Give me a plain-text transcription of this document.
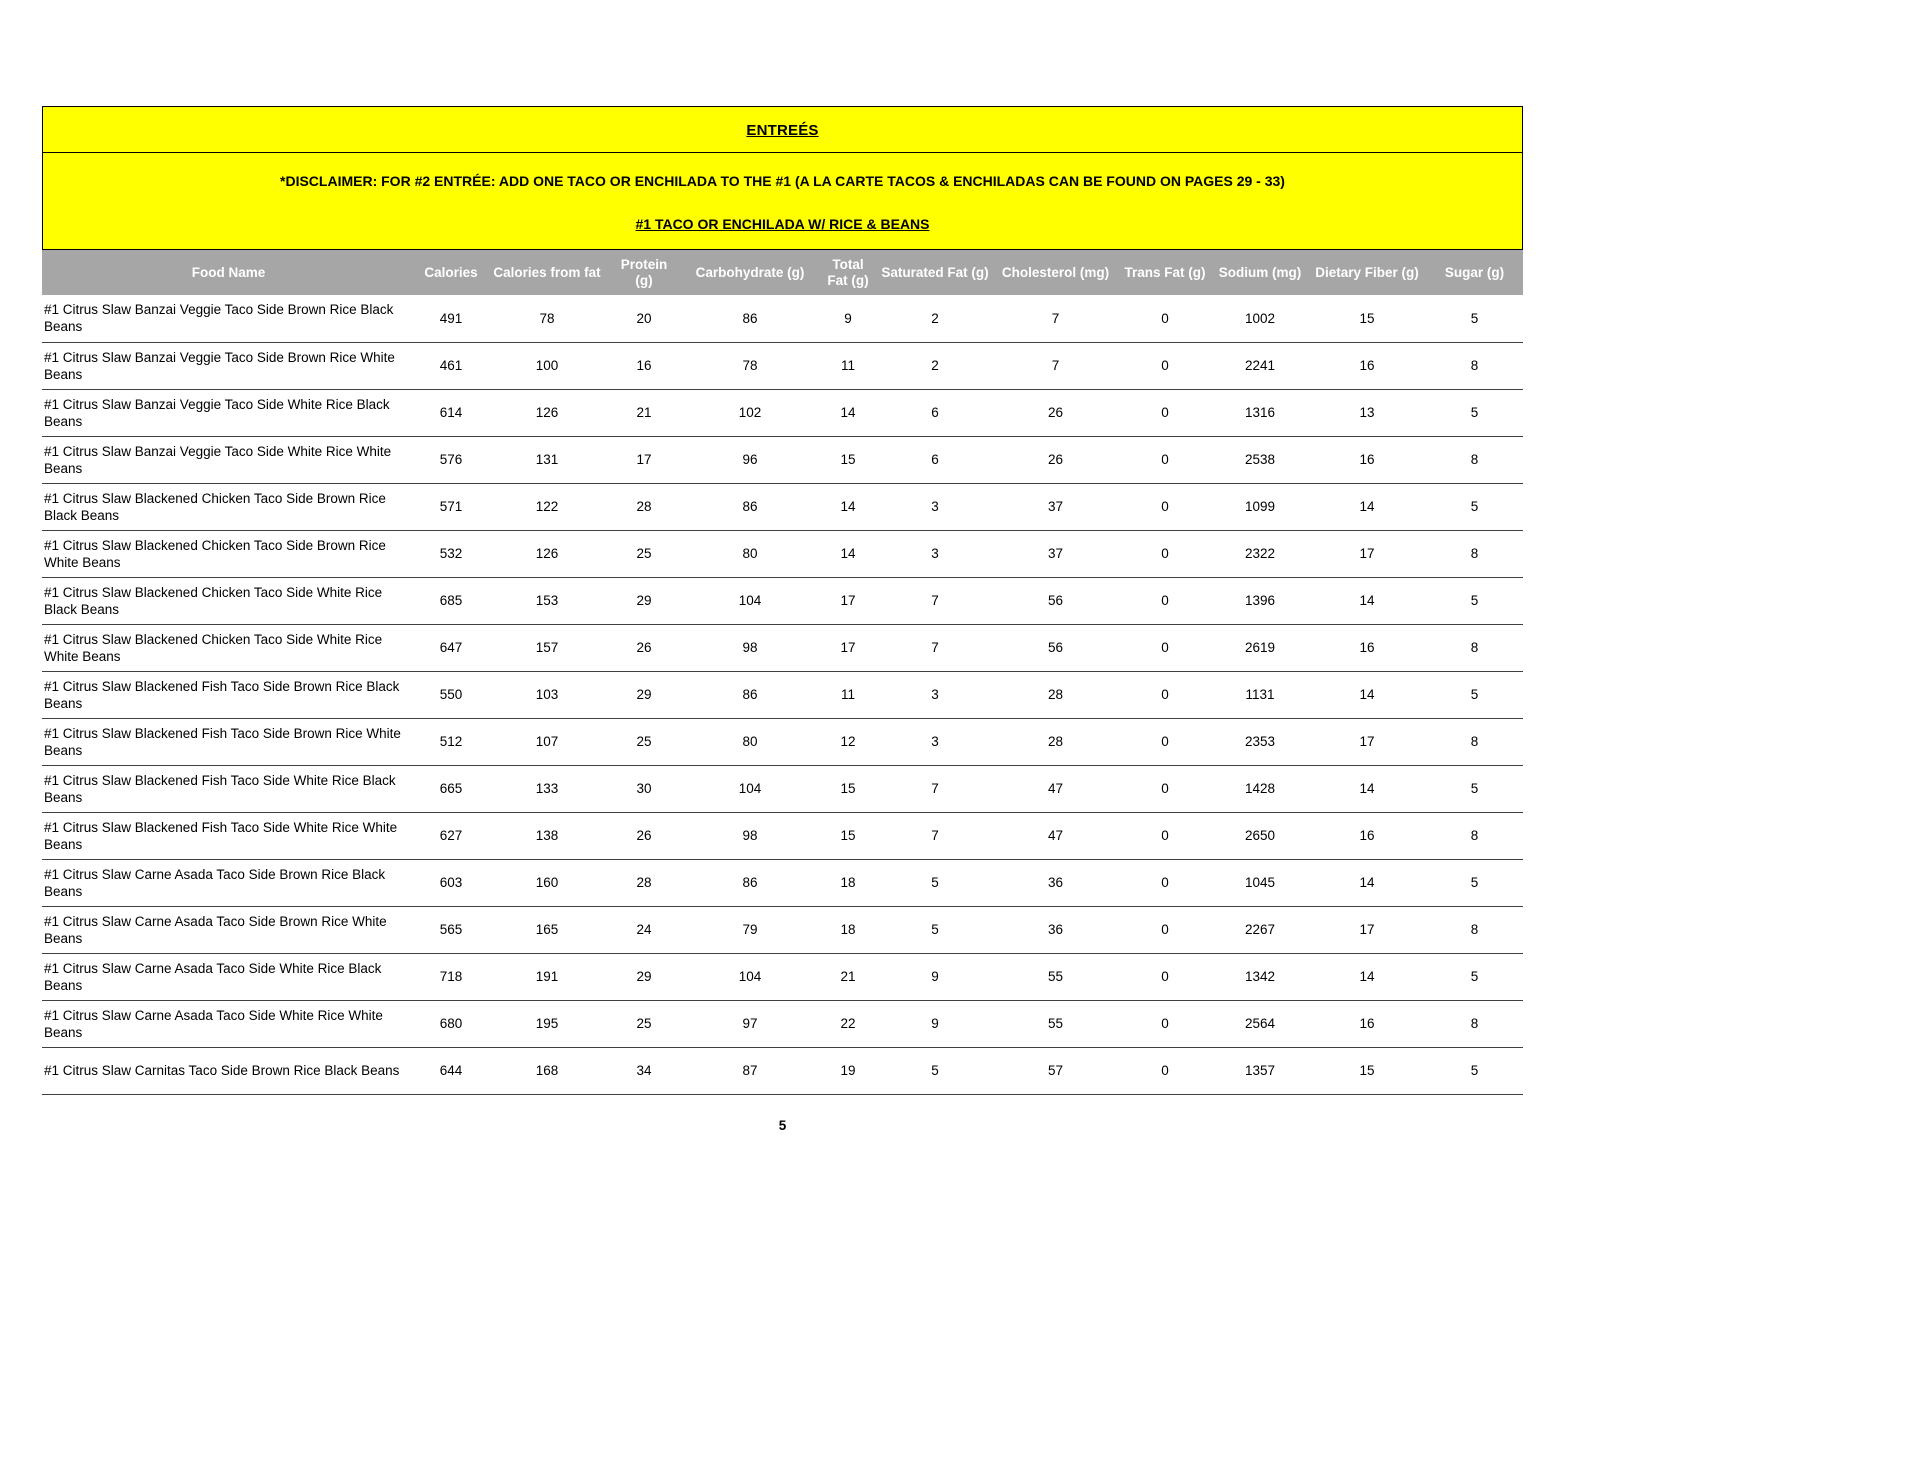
ENTREÉS
*DISCLAIMER: FOR #2 ENTRÉE: ADD ONE TACO OR ENCHILADA TO THE #1 (A LA CARTE TACOS & ENCHILADAS CAN BE FOUND ON PAGES 29 - 33)
#1 TACO OR ENCHILADA W/ RICE & BEANS
Food Name	Calories	Calories from fat	Protein (g)	Carbohydrate (g)	Total Fat (g)	Saturated Fat (g)	Cholesterol (mg)	Trans Fat (g)	Sodium (mg)	Dietary Fiber (g)	Sugar (g)
#1 Citrus Slaw Banzai Veggie Taco Side Brown Rice Black Beans	491	78	20	86	9	2	7	0	1002	15	5
#1 Citrus Slaw Banzai Veggie Taco Side Brown Rice White Beans	461	100	16	78	11	2	7	0	2241	16	8
#1 Citrus Slaw Banzai Veggie Taco Side White Rice Black Beans	614	126	21	102	14	6	26	0	1316	13	5
#1 Citrus Slaw Banzai Veggie Taco Side White Rice White Beans	576	131	17	96	15	6	26	0	2538	16	8
#1 Citrus Slaw Blackened Chicken Taco Side Brown Rice Black Beans	571	122	28	86	14	3	37	0	1099	14	5
#1 Citrus Slaw Blackened Chicken Taco Side Brown Rice White Beans	532	126	25	80	14	3	37	0	2322	17	8
#1 Citrus Slaw Blackened Chicken Taco Side White Rice Black Beans	685	153	29	104	17	7	56	0	1396	14	5
#1 Citrus Slaw Blackened Chicken Taco Side White Rice White Beans	647	157	26	98	17	7	56	0	2619	16	8
#1 Citrus Slaw Blackened Fish Taco Side Brown Rice Black Beans	550	103	29	86	11	3	28	0	1131	14	5
#1 Citrus Slaw Blackened Fish Taco Side Brown Rice White Beans	512	107	25	80	12	3	28	0	2353	17	8
#1 Citrus Slaw Blackened Fish Taco Side White Rice Black Beans	665	133	30	104	15	7	47	0	1428	14	5
#1 Citrus Slaw Blackened Fish Taco Side White Rice White Beans	627	138	26	98	15	7	47	0	2650	16	8
#1 Citrus Slaw Carne Asada Taco Side Brown Rice Black Beans	603	160	28	86	18	5	36	0	1045	14	5
#1 Citrus Slaw Carne Asada Taco Side Brown Rice White Beans	565	165	24	79	18	5	36	0	2267	17	8
#1 Citrus Slaw Carne Asada Taco Side White Rice Black Beans	718	191	29	104	21	9	55	0	1342	14	5
#1 Citrus Slaw Carne Asada Taco Side White Rice White Beans	680	195	25	97	22	9	55	0	2564	16	8
#1 Citrus Slaw Carnitas Taco Side Brown Rice Black Beans	644	168	34	87	19	5	57	0	1357	15	5
5
